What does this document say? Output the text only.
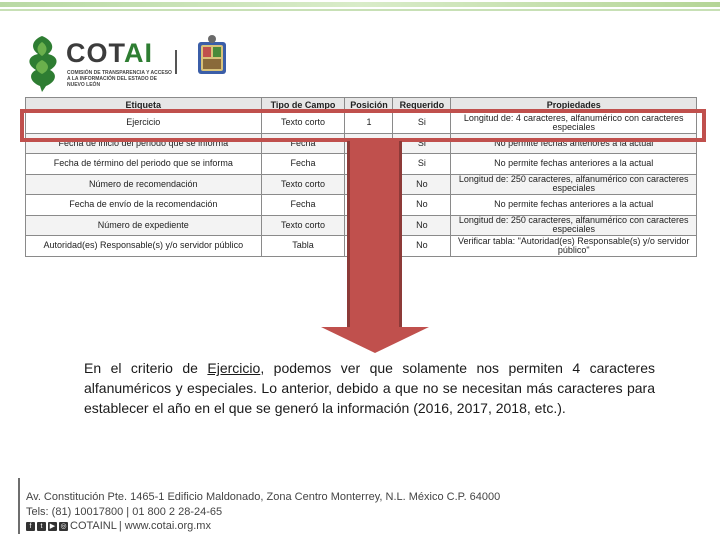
COTAI
COMISIÓN DE TRANSPARENCIA Y ACCESO A LA INFORMACIÓN DEL ESTADO DE NUEVO LEÓN
Etiqueta	Tipo de Campo	Posición	Requerido	Propiedades
Ejercicio	Texto corto	1	Si	Longitud de: 4 caracteres, alfanumérico con caracteres especiales
Fecha de inicio del periodo que se informa	Fecha		Si	No permite fechas anteriores a la actual
Fecha de término del periodo que se informa	Fecha		Si	No permite fechas anteriores a la actual
Número de recomendación	Texto corto		No	Longitud de: 250 caracteres, alfanumérico con caracteres especiales
Fecha de envío de la recomendación	Fecha		No	No permite fechas anteriores a la actual
Número de expediente	Texto corto		No	Longitud de: 250 caracteres, alfanumérico con caracteres especiales
Autoridad(es) Responsable(s) y/o servidor público	Tabla		No	Verificar tabla: "Autoridad(es) Responsable(s) y/o servidor público"

En el criterio de Ejercicio, podemos ver que solamente nos permiten 4 caracteres alfanuméricos y especiales. Lo anterior, debido a que no se necesitan más caracteres para establecer el año en el que se generó la información (2016, 2017, 2018, etc.).

Av. Constitución Pte. 1465-1 Edificio Maldonado, Zona Centro Monterrey, N.L. México C.P. 64000
Tels: (81) 10017800 | 01 800 2 28-24-65
f	t	▶ ◎ COTAINL | www.cotai.org.mx
